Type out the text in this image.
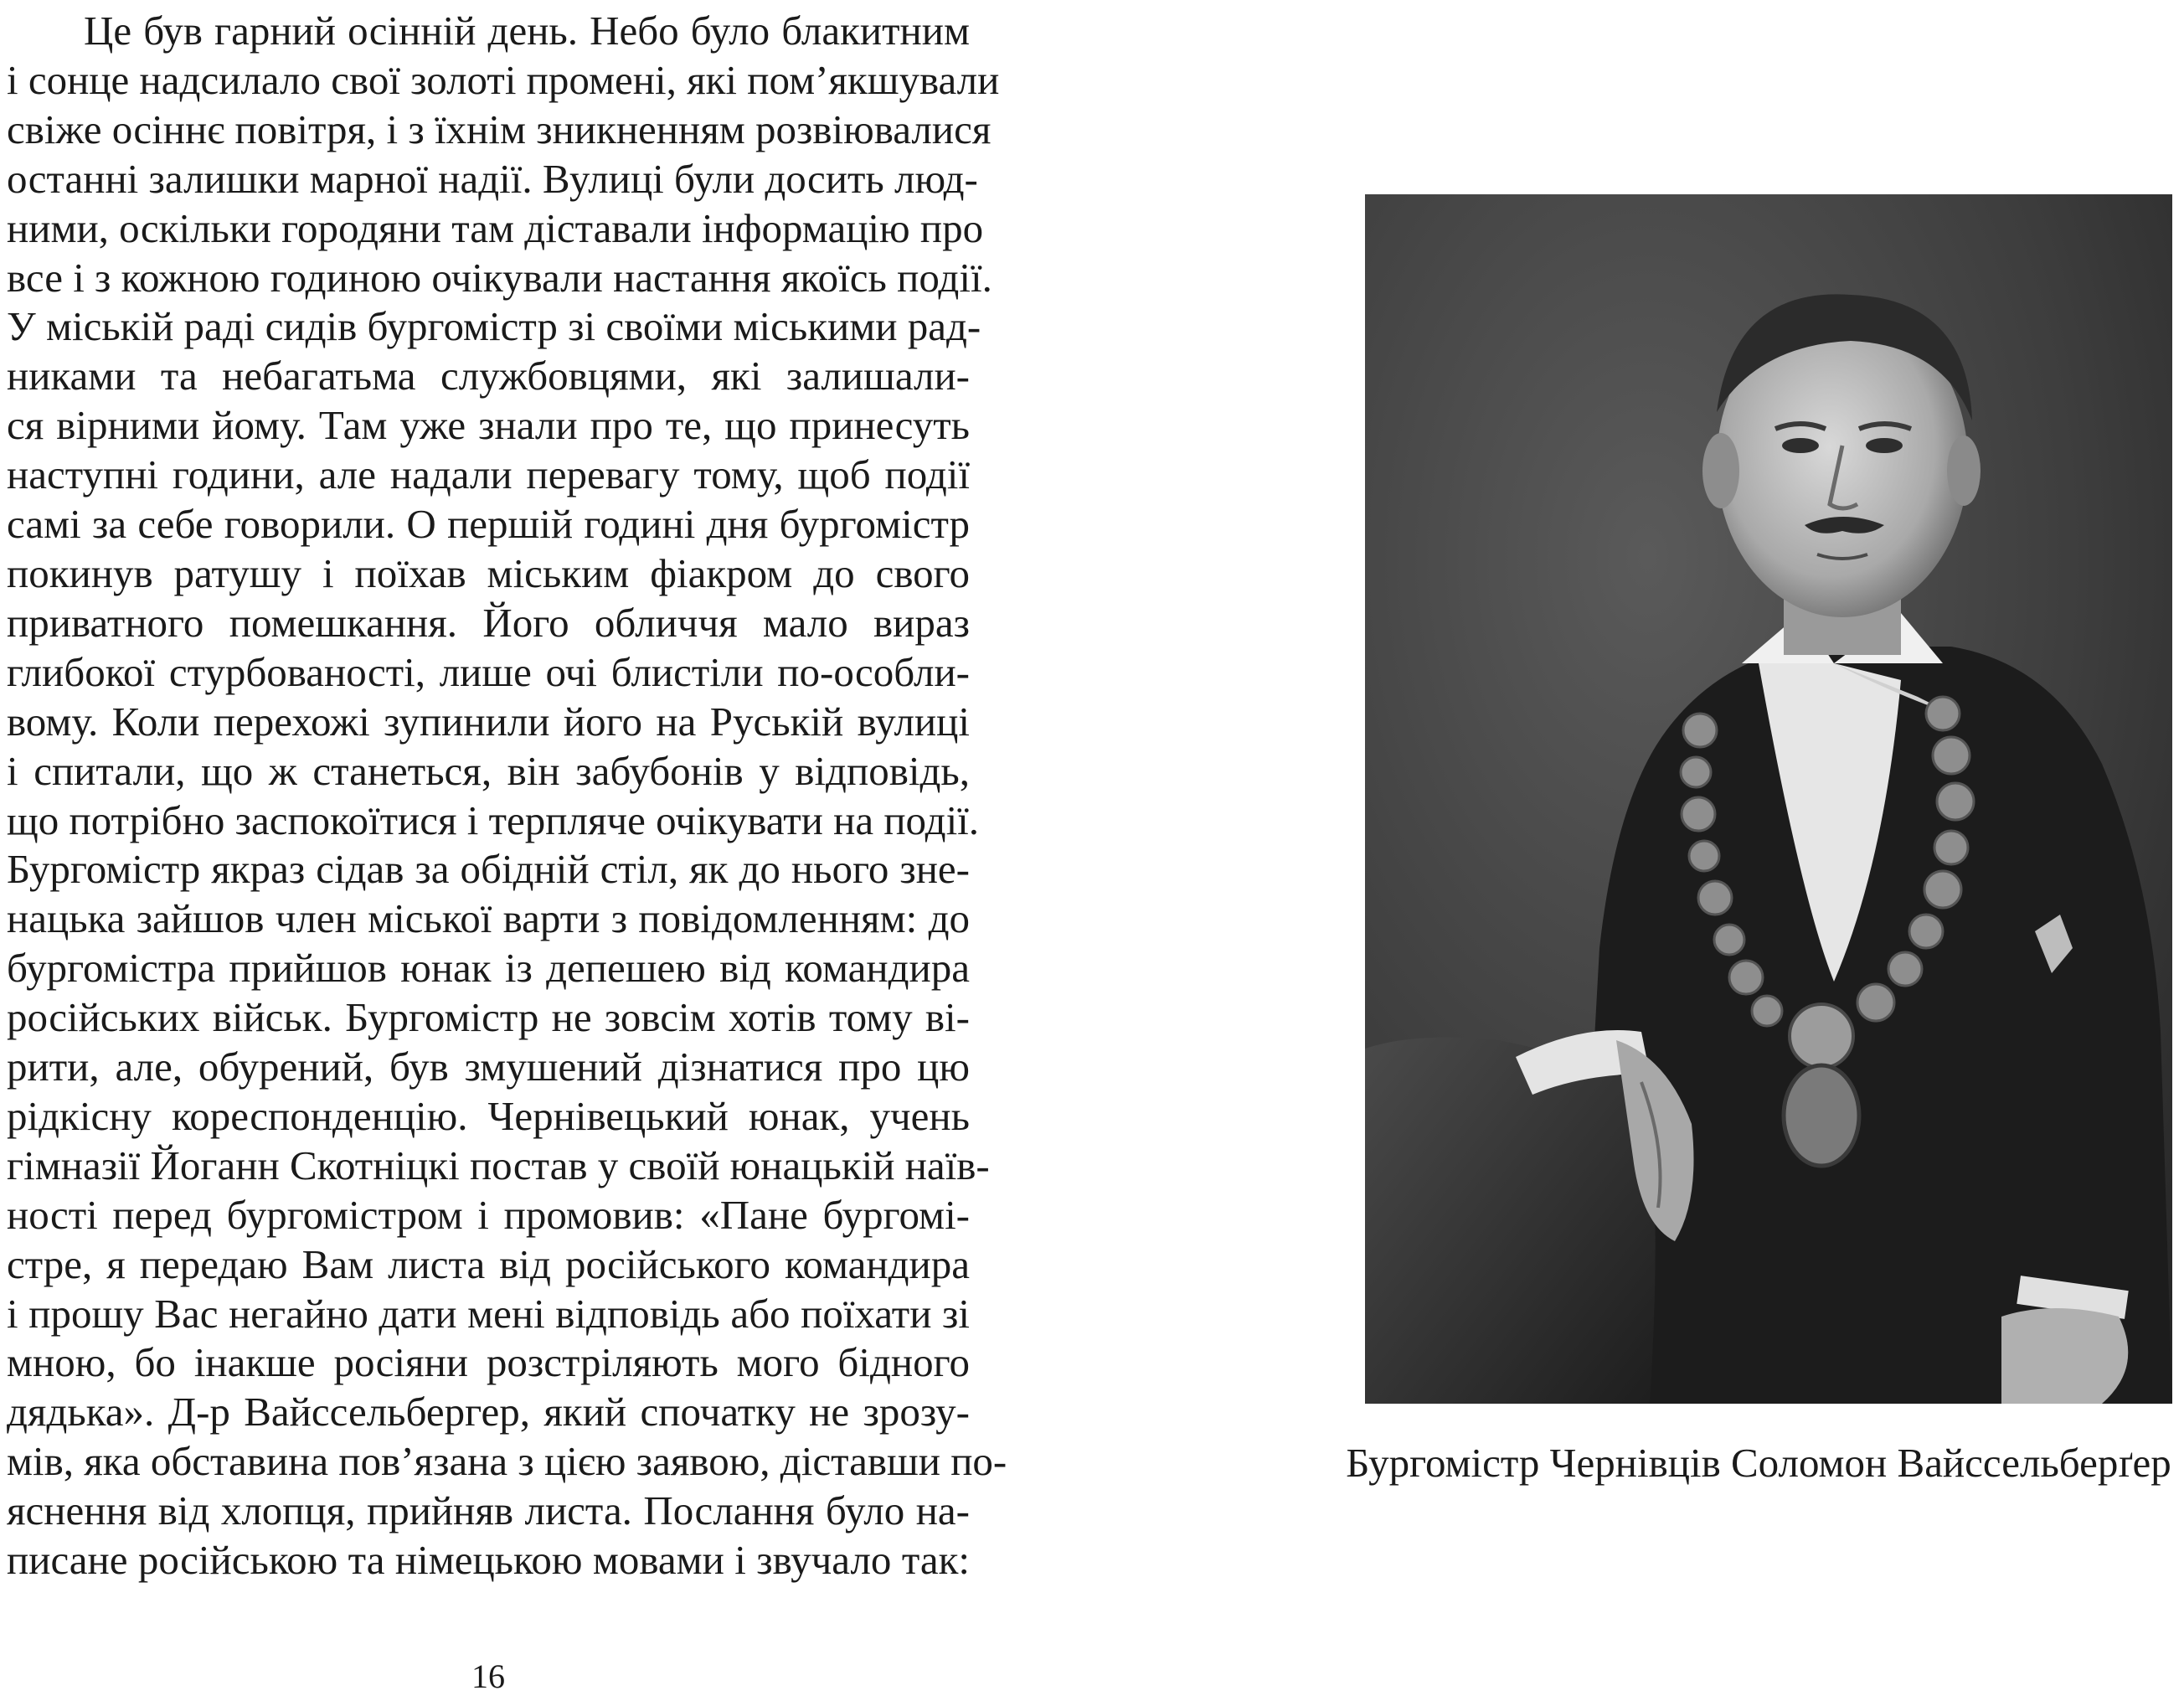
Це був гарний осінній день. Небо було блакитним
і сонце надсилало свої золоті промені, які пом’якшували
свіже осіннє повітря, і з їхнім зникненням розвіювалися
останні залишки марної надії. Вулиці були досить люд-
ними, оскільки городяни там діставали інформацію про
все і з кожною годиною очікували настання якоїсь події.
У міській раді сидів бургомістр зі своїми міськими рад-
никами та небагатьма службовцями, які залишали-
ся вірними йому. Там уже знали про те, що принесуть
наступні години, але надали перевагу тому, щоб події
самі за себе говорили. О першій годині дня бургомістр
покинув ратушу і поїхав міським фіакром до свого
приватного помешкання. Його обличчя мало вираз
глибокої стурбованості, лише очі блистіли по-особли-
вому. Коли перехожі зупинили його на Руській вулиці
і спитали, що ж станеться, він забубонів у відповідь,
що потрібно заспокоїтися і терпляче очікувати на події.
Бургомістр якраз сідав за обідній стіл, як до нього зне-
нацька зайшов член міської варти з повідомленням: до
бургомістра прийшов юнак із депешею від командира
російських військ. Бургомістр не зовсім хотів тому ві-
рити, але, обурений, був змушений дізнатися про цю
рідкісну кореспонденцію. Чернівецький юнак, учень
гімназії Йоганн Скотніцкі постав у своїй юнацькій наїв-
ності перед бургомістром і промовив: «Пане бургомі-
стре, я передаю Вам листа від російського командира
і прошу Вас негайно дати мені відповідь або поїхати зі
мною, бо інакше росіяни розстріляють мого бідного
дядька». Д-р Вайссельбергер, який спочатку не зрозу-
мів, яка обставина пов’язана з цією заявою, діставши по-
яснення від хлопця, прийняв листа. Послання було на-
писане російською та німецькою мовами і звучало так:
16
Бургомістр Чернівців Соломон Вайссельберґер
